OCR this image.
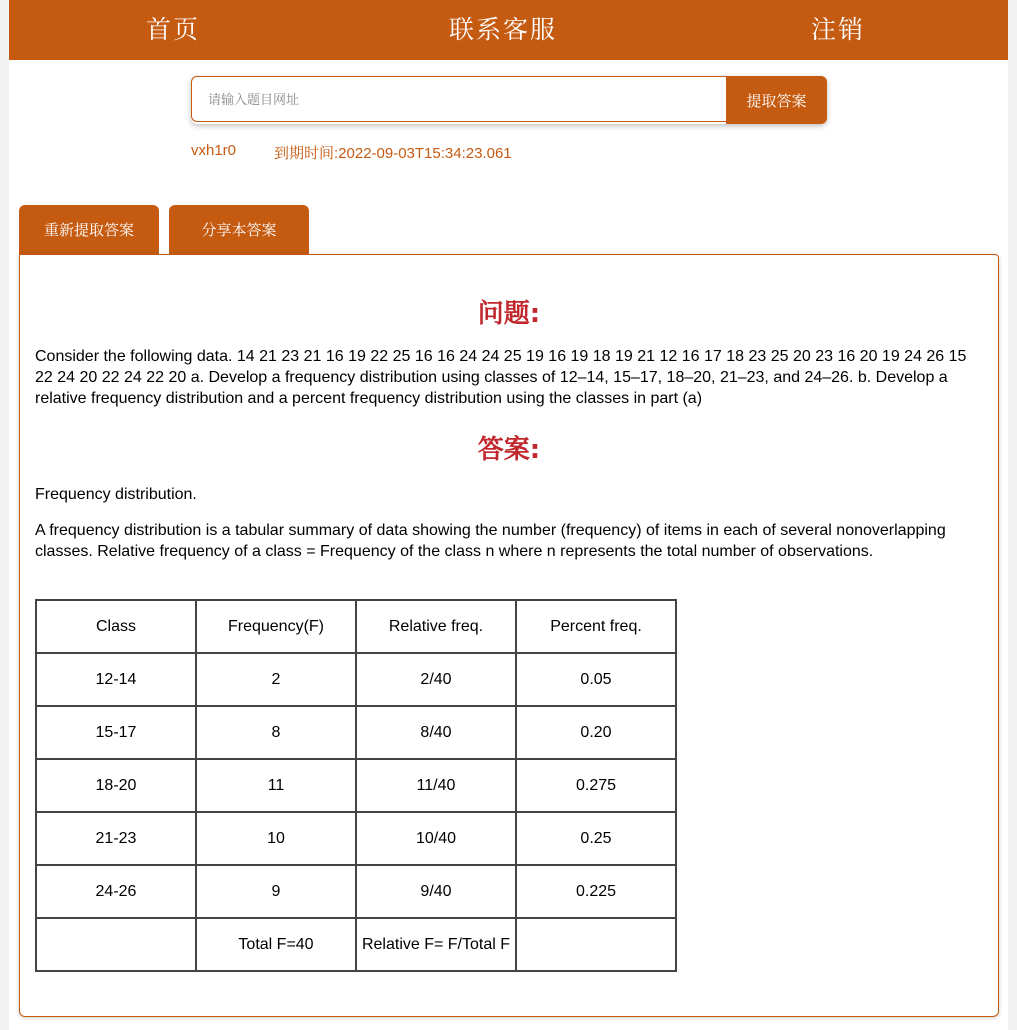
首页	联系客服	注销
请输入题目网址
提取答案
vxh1r0	到期时间:2022-09-03T15:34:23.061
重新提取答案	分享本答案
问题:
Consider the following data. 14 21 23 21 16 19 22 25 16 16 24 24 25 19 16 19 18 19 21 12 16 17 18 23 25 20 23 16 20 19 24 26 15 22 24 20 22 24 22 20 a. Develop a frequency distribution using classes of 12–14, 15–17, 18–20, 21–23, and 24–26. b. Develop a relative frequency distribution and a percent frequency distribution using the classes in part (a)
答案:
Frequency distribution.
A frequency distribution is a tabular summary of data showing the number (frequency) of items in each of several nonoverlapping classes. Relative frequency of a class = Frequency of the class n where n represents the total number of observations.
Class	Frequency(F)	Relative freq.	Percent freq.
12-14	2	2/40	0.05
15-17	8	8/40	0.20
18-20	11	11/40	0.275
21-23	10	10/40	0.25
24-26	9	9/40	0.225
	Total F=40	Relative F= F/Total F	
